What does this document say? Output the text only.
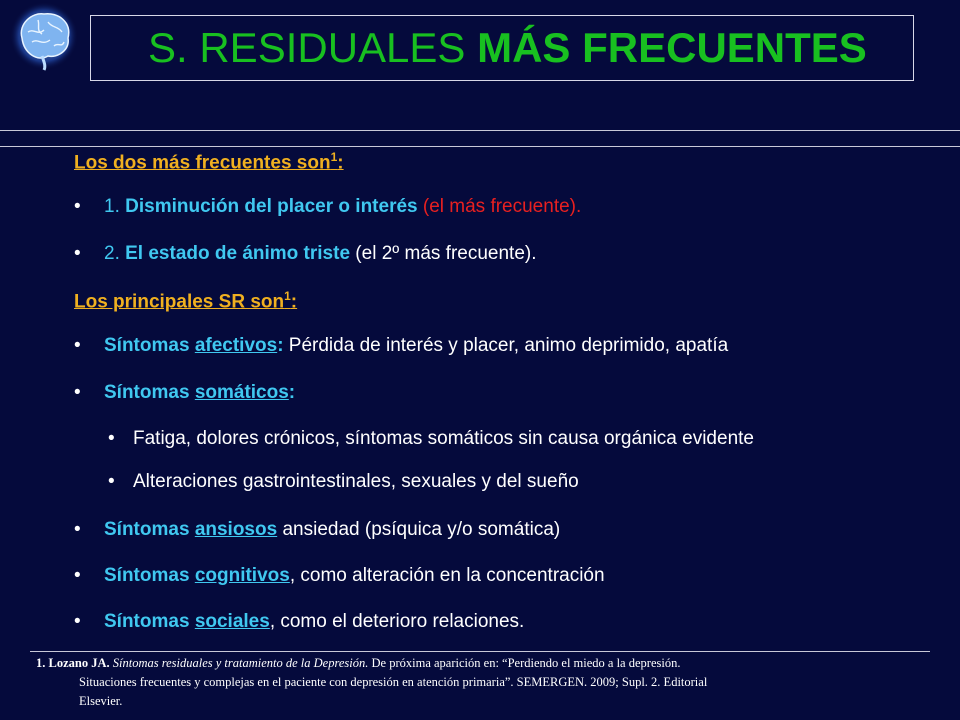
S. RESIDUALES MÁS FRECUENTES
Los dos más frecuentes son$^1$:
• 1. Disminución del placer o interés (el más frecuente).
• 2. El estado de ánimo triste (el 2º más frecuente).
Los principales SR son$^1$:
• Síntomas afectivos: Pérdida de interés y placer, animo deprimido, apatía
• Síntomas somáticos:
• Fatiga, dolores crónicos, síntomas somáticos sin causa orgánica evidente
• Alteraciones gastrointestinales, sexuales y del sueño
• Síntomas ansiosos ansiedad (psíquica y/o somática)
• Síntomas cognitivos, como alteración en la concentración
• Síntomas sociales, como el deterioro relaciones.
1. Lozano JA. Síntomas residuales y tratamiento de la Depresión. De próxima aparición en: “Perdiendo el miedo a la depresión.
Situaciones frecuentes y complejas en el paciente con depresión en atención primaria”. SEMERGEN. 2009; Supl. 2. Editorial
Elsevier.
